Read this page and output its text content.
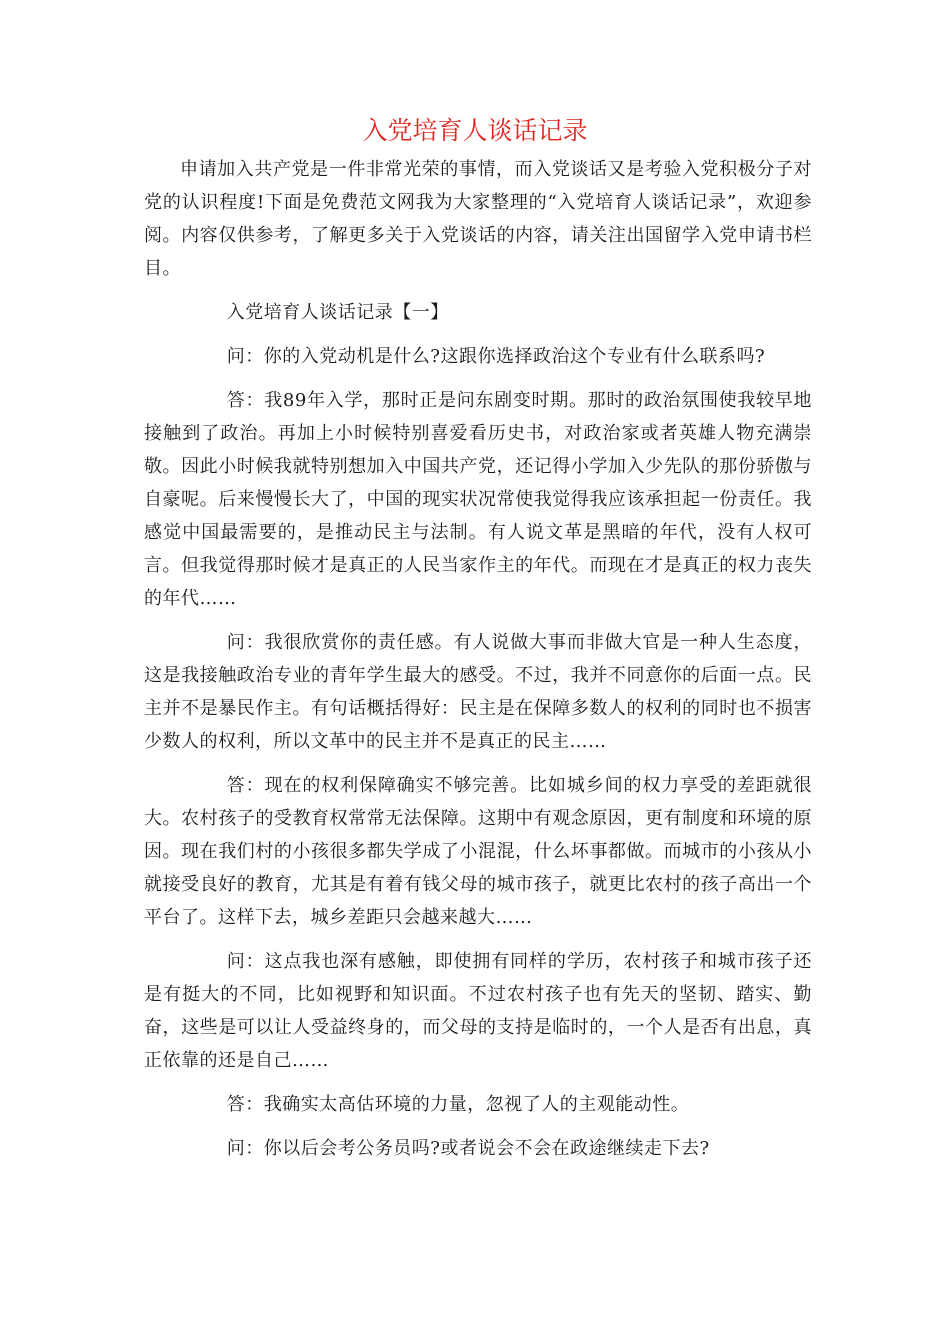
入党培育人谈话记录

申请加入共产党是一件非常光荣的事情，而入党谈话又是考验入党积极分子对党的认识程度!下面是免费范文网我为大家整理的“入党培育人谈话记录”，欢迎参阅。内容仅供参考，了解更多关于入党谈话的内容，请关注出国留学入党申请书栏目。

入党培育人谈话记录【一】

问：你的入党动机是什么?这跟你选择政治这个专业有什么联系吗?

答：我89年入学，那时正是问东剧变时期。那时的政治氛围使我较早地接触到了政治。再加上小时候特别喜爱看历史书，对政治家或者英雄人物充满崇敬。因此小时候我就特别想加入中国共产党，还记得小学加入少先队的那份骄傲与自豪呢。后来慢慢长大了，中国的现实状况常使我觉得我应该承担起一份责任。我感觉中国最需要的，是推动民主与法制。有人说文革是黑暗的年代，没有人权可言。但我觉得那时候才是真正的人民当家作主的年代。而现在才是真正的权力丧失的年代……

问：我很欣赏你的责任感。有人说做大事而非做大官是一种人生态度，这是我接触政治专业的青年学生最大的感受。不过，我并不同意你的后面一点。民主并不是暴民作主。有句话概括得好：民主是在保障多数人的权利的同时也不损害少数人的权利，所以文革中的民主并不是真正的民主……

答：现在的权利保障确实不够完善。比如城乡间的权力享受的差距就很大。农村孩子的受教育权常常无法保障。这期中有观念原因，更有制度和环境的原因。现在我们村的小孩很多都失学成了小混混，什么坏事都做。而城市的小孩从小就接受良好的教育，尤其是有着有钱父母的城市孩子，就更比农村的孩子高出一个平台了。这样下去，城乡差距只会越来越大……

问：这点我也深有感触，即使拥有同样的学历，农村孩子和城市孩子还是有挺大的不同，比如视野和知识面。不过农村孩子也有先天的坚韧、踏实、勤奋，这些是可以让人受益终身的，而父母的支持是临时的，一个人是否有出息，真正依靠的还是自己……

答：我确实太高估环境的力量，忽视了人的主观能动性。

问：你以后会考公务员吗?或者说会不会在政途继续走下去?
